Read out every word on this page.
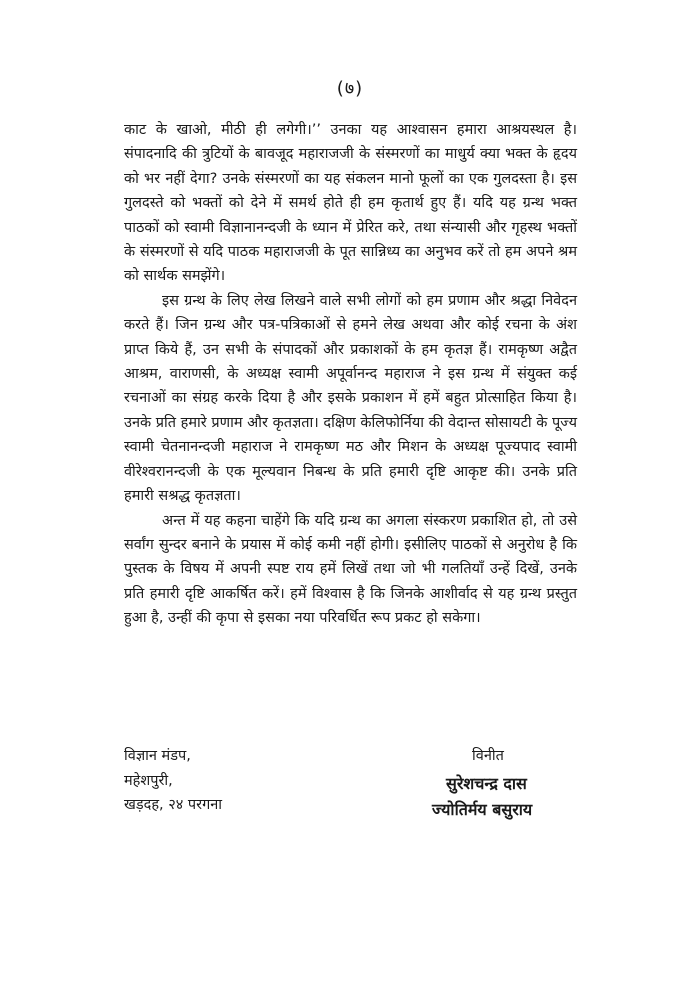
(७)

काट के खाओ, मीठी ही लगेगी।’’ उनका यह आश्वासन हमारा आश्रयस्थल है। संपादनादि की त्रुटियों के बावजूद महाराजजी के संस्मरणों का माधुर्य क्या भक्त के हृदय को भर नहीं देगा? उनके संस्मरणों का यह संकलन मानो फूलों का एक गुलदस्ता है। इस गुलदस्ते को भक्तों को देने में समर्थ होते ही हम कृतार्थ हुए हैं। यदि यह ग्रन्थ भक्त पाठकों को स्वामी विज्ञानानन्दजी के ध्यान में प्रेरित करे, तथा संन्यासी और गृहस्थ भक्तों के संस्मरणों से यदि पाठक महाराजजी के पूत सान्निध्य का अनुभव करें तो हम अपने श्रम को सार्थक समझेंगे।

इस ग्रन्थ के लिए लेख लिखने वाले सभी लोगों को हम प्रणाम और श्रद्धा निवेदन करते हैं। जिन ग्रन्थ और पत्र-पत्रिकाओं से हमने लेख अथवा और कोई रचना के अंश प्राप्त किये हैं, उन सभी के संपादकों और प्रकाशकों के हम कृतज्ञ हैं। रामकृष्ण अद्वैत आश्रम, वाराणसी, के अध्यक्ष स्वामी अपूर्वानन्द महाराज ने इस ग्रन्थ में संयुक्त कई रचनाओं का संग्रह करके दिया है और इसके प्रकाशन में हमें बहुत प्रोत्साहित किया है। उनके प्रति हमारे प्रणाम और कृतज्ञता। दक्षिण केलिफोर्निया की वेदान्त सोसायटी के पूज्य स्वामी चेतनानन्दजी महाराज ने रामकृष्ण मठ और मिशन के अध्यक्ष पूज्यपाद स्वामी वीरेश्वरानन्दजी के एक मूल्यवान निबन्ध के प्रति हमारी दृष्टि आकृष्ट की। उनके प्रति हमारी सश्रद्ध कृतज्ञता।

अन्त में यह कहना चाहेंगे कि यदि ग्रन्थ का अगला संस्करण प्रकाशित हो, तो उसे सर्वांग सुन्दर बनाने के प्रयास में कोई कमी नहीं होगी। इसीलिए पाठकों से अनुरोध है कि पुस्तक के विषय में अपनी स्पष्ट राय हमें लिखें तथा जो भी गलतियाँ उन्हें दिखें, उनके प्रति हमारी दृष्टि आकर्षित करें। हमें विश्वास है कि जिनके आशीर्वाद से यह ग्रन्थ प्रस्तुत हुआ है, उन्हीं की कृपा से इसका नया परिवर्धित रूप प्रकट हो सकेगा।

विज्ञान मंडप,
महेशपुरी,
खड़दह, २४ परगना
विनीत
सुरेशचन्द्र दास
ज्योतिर्मय बसुराय
